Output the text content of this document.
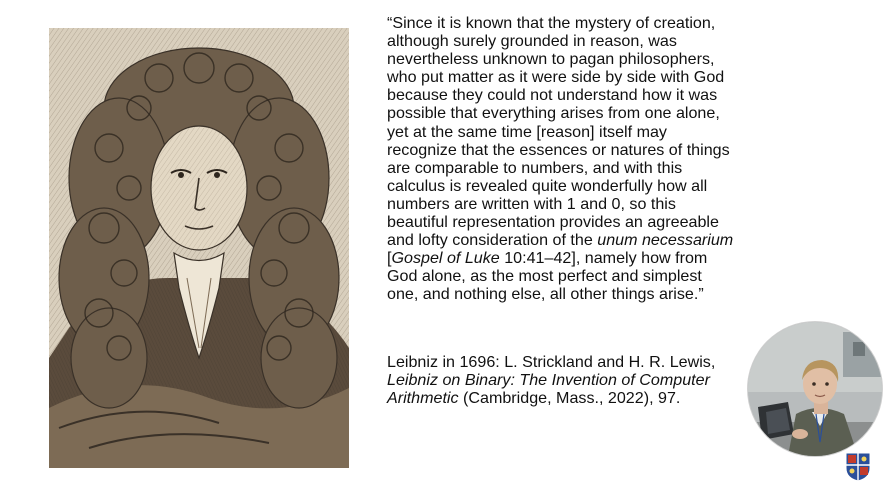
“Since it is known that the mystery of creation,
although surely grounded in reason, was
nevertheless unknown to pagan philosophers,
who put matter as it were side by side with God
because they could not understand how it was
possible that everything arises from one alone,
yet at the same time [reason] itself may
recognize that the essences or natures of things
are comparable to numbers, and with this
calculus is revealed quite wonderfully how all
numbers are written with 1 and 0, so this
beautiful representation provides an agreeable
and lofty consideration of the unum necessarium
[Gospel of Luke 10:41–42], namely how from
God alone, as the most perfect and simplest
one, and nothing else, all other things arise.”
Leibniz in 1696: L. Strickland and H. R. Lewis,
Leibniz on Binary: The Invention of Computer
Arithmetic (Cambridge, Mass., 2022), 97.
